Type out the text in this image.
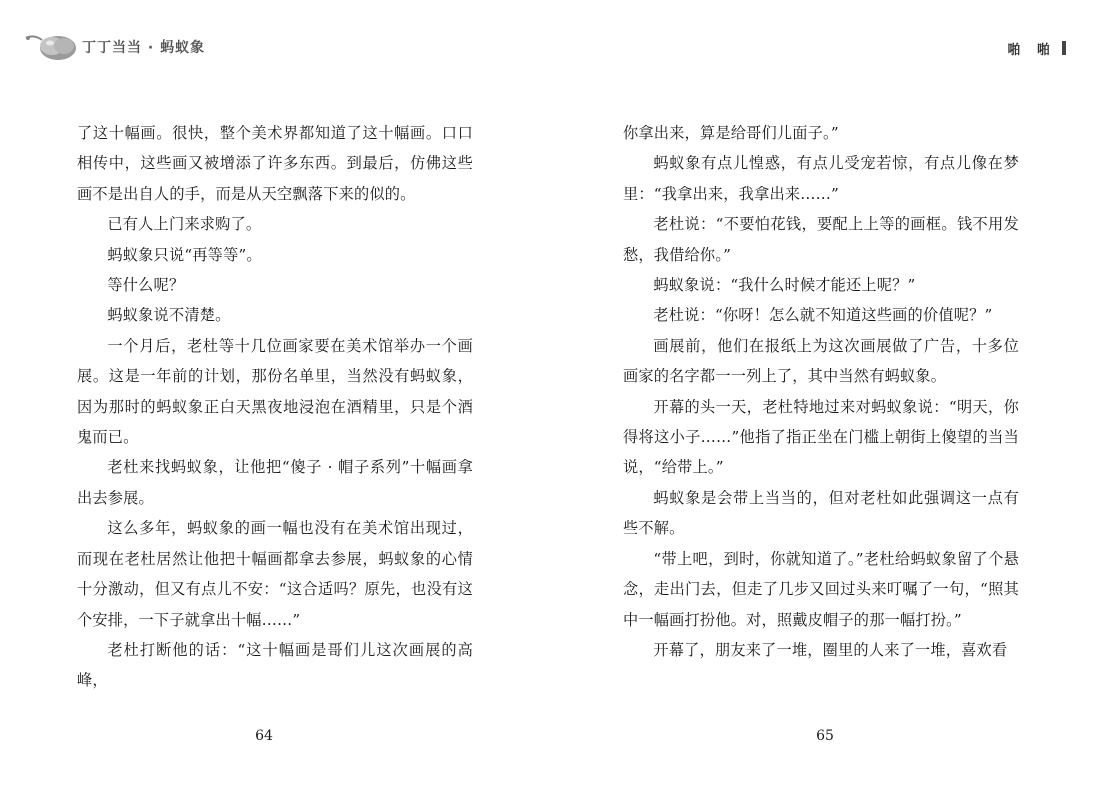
丁丁当当 · 蚂蚁象	啪 啪

了这十幅画。很快，整个美术界都知道了这十幅画。口口相传中，这些画又被增添了许多东西。到最后，仿佛这些画不是出自人的手，而是从天空飘落下来的似的。

已有人上门来求购了。

蚂蚁象只说“再等等”。

等什么呢？

蚂蚁象说不清楚。

一个月后，老杜等十几位画家要在美术馆举办一个画展。这是一年前的计划，那份名单里，当然没有蚂蚁象，因为那时的蚂蚁象正白天黑夜地浸泡在酒精里，只是个酒鬼而已。

老杜来找蚂蚁象，让他把“傻子 · 帽子系列”十幅画拿出去参展。

这么多年，蚂蚁象的画一幅也没有在美术馆出现过，而现在老杜居然让他把十幅画都拿去参展，蚂蚁象的心情十分激动，但又有点儿不安：“这合适吗？原先，也没有这个安排，一下子就拿出十幅……”

老杜打断他的话：“这十幅画是哥们儿这次画展的高峰，

你拿出来，算是给哥们儿面子。”

蚂蚁象有点儿惶惑，有点儿受宠若惊，有点儿像在梦里：“我拿出来，我拿出来……”

老杜说：“不要怕花钱，要配上上等的画框。钱不用发愁，我借给你。”

蚂蚁象说：“我什么时候才能还上呢？”

老杜说：“你呀！怎么就不知道这些画的价值呢？”

画展前，他们在报纸上为这次画展做了广告，十多位画家的名字都一一列上了，其中当然有蚂蚁象。

开幕的头一天，老杜特地过来对蚂蚁象说：“明天，你得将这小子……”他指了指正坐在门槛上朝街上傻望的当当说，“给带上。”

蚂蚁象是会带上当当的，但对老杜如此强调这一点有些不解。

“带上吧，到时，你就知道了。”老杜给蚂蚁象留了个悬念，走出门去，但走了几步又回过头来叮嘱了一句，“照其中一幅画打扮他。对，照戴皮帽子的那一幅打扮。”

开幕了，朋友来了一堆，圈里的人来了一堆，喜欢看

64	65
